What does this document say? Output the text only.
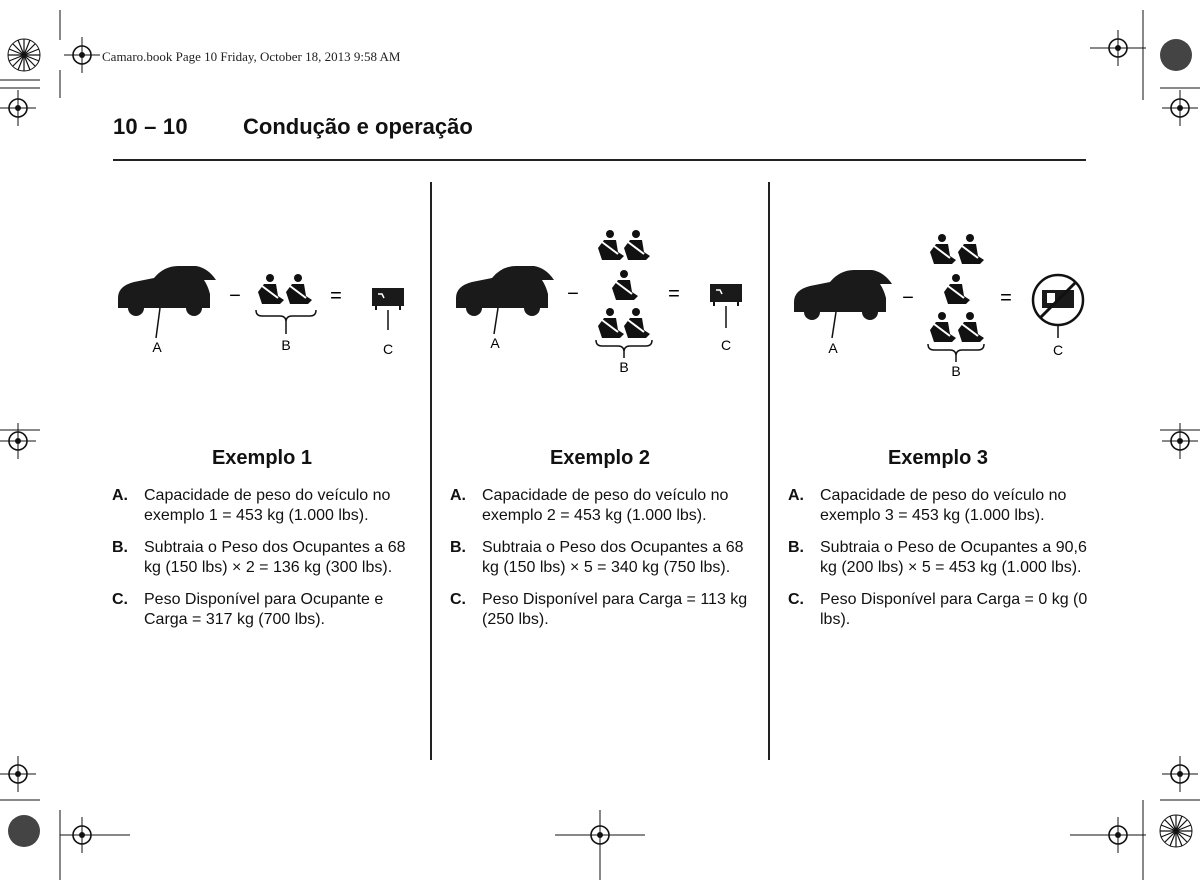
Camaro.book Page 10 Friday, October 18, 2013 9:58 AM
10 – 10	Condução e operação
A
−
B
=
C	A
−
B
=
C	A
−
B
=
C
Exemplo 1
A.	Capacidade de peso do veículo no exemplo 1 = 453 kg (1.000 lbs).
B.	Subtraia o Peso dos Ocupantes a 68 kg (150 lbs) × 2 = 136 kg (300 lbs).
C.	Peso Disponível para Ocupante e Carga = 317 kg (700 lbs).
Exemplo 2
A.	Capacidade de peso do veículo no exemplo 2 = 453 kg (1.000 lbs).
B.	Subtraia o Peso dos Ocupantes a 68 kg (150 lbs) × 5 = 340 kg (750 lbs).
C.	Peso Disponível para Carga = 113 kg (250 lbs).
Exemplo 3
A.	Capacidade de peso do veículo no exemplo 3 = 453 kg (1.000 lbs).
B.	Subtraia o Peso de Ocupantes a 90,6 kg (200 lbs) × 5 = 453 kg (1.000 lbs).
C.	Peso Disponível para Carga = 0 kg (0 lbs).
